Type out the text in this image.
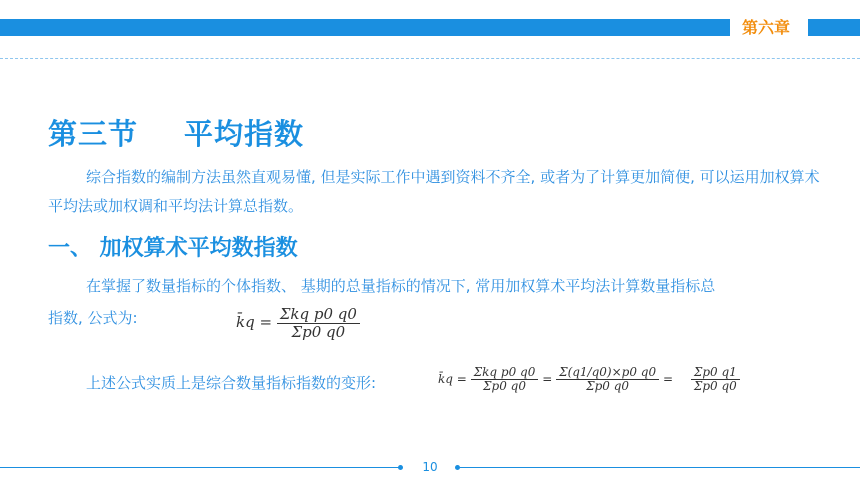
第六章
第三节 平均指数
综合指数的编制方法虽然直观易懂, 但是实际工作中遇到资料不齐全, 或者为了计算更加简便, 可以运用加权算术平均法或加权调和平均法计算总指数。
一、 加权算术平均数指数
在掌握了数量指标的个体指数、 基期的总量指标的情况下, 常用加权算术平均法计算数量指标总
指数, 公式为:	k̄q = $\frac{\text{Σkq p0 q0}}{\Sigma p0 q0}$
上述公式实质上是综合数量指标指数的变形:	k̄q = $\frac{\text{Σkq p0 q0}}{\Sigma p0 q0} = \frac{\Sigma(q1/q0)\times p0 q0}{\Sigma p0 q0} = \frac{\Sigma p0 q1}{\Sigma p0 q0}$
10
